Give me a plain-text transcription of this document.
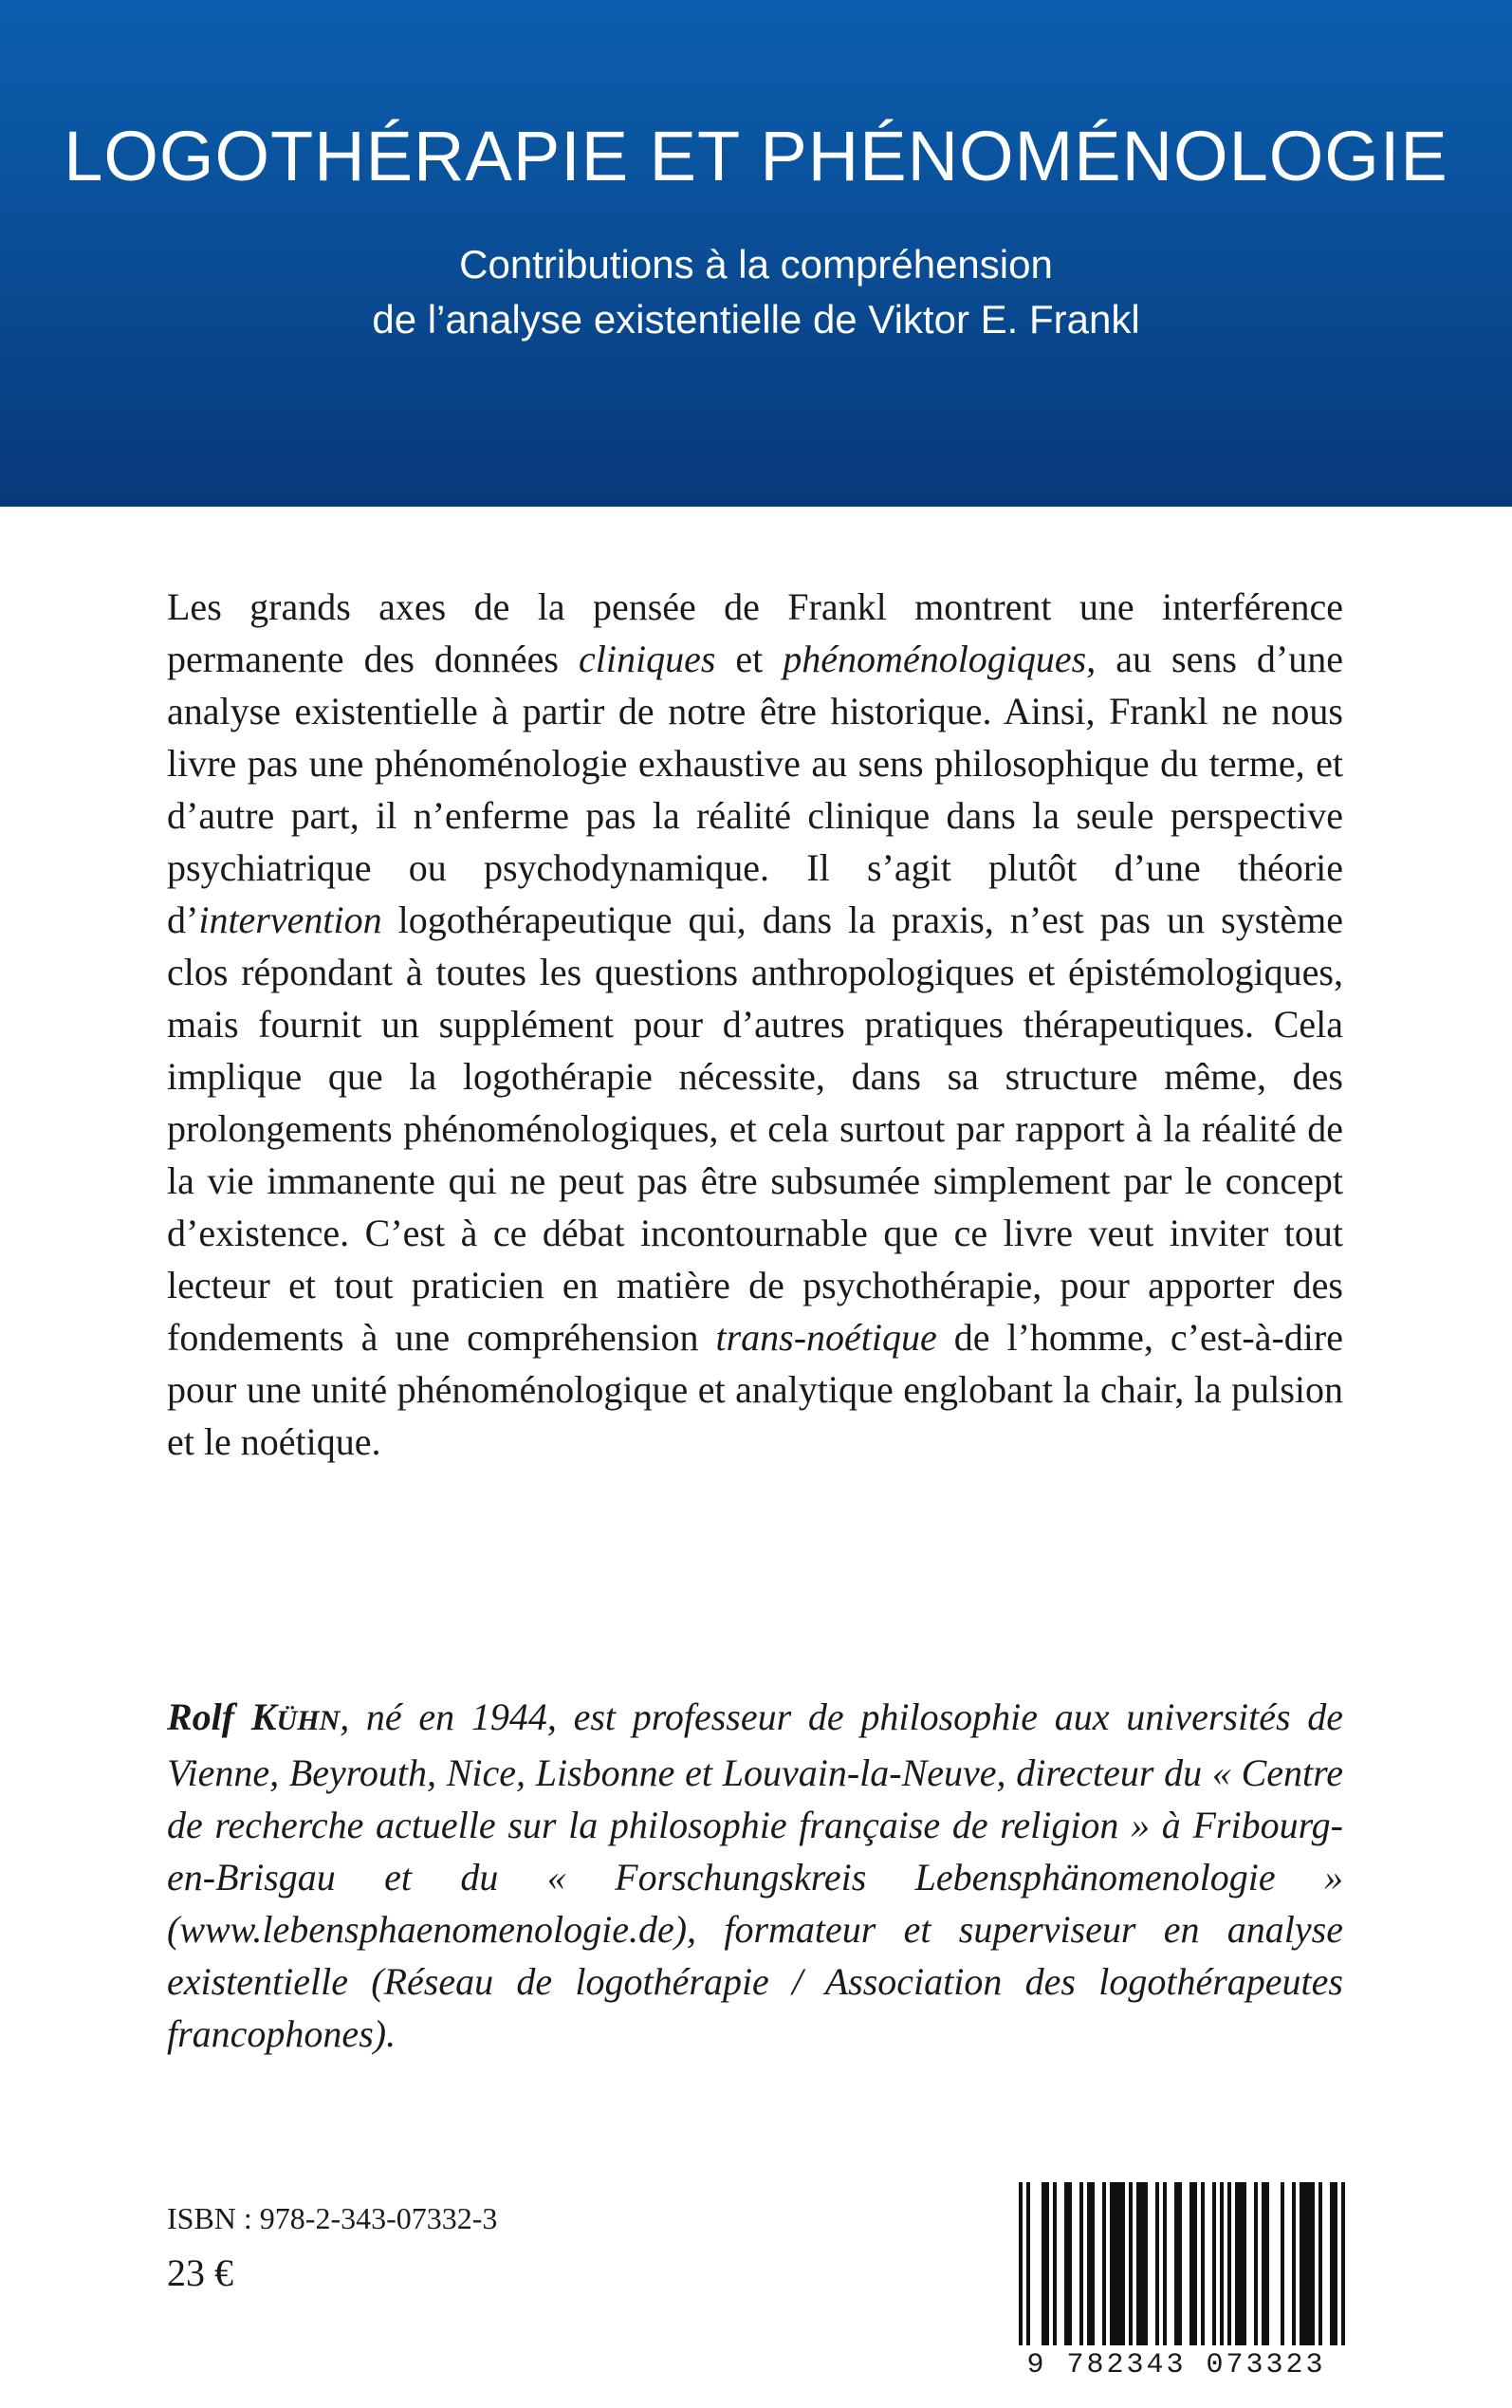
LOGOTHÉRAPIE ET PHÉNOMÉNOLOGIE
Contributions à la compréhension
de l’analyse existentielle de Viktor E. Frankl

Les grands axes de la pensée de Frankl montrent une interférence permanente des données cliniques et phénoménologiques, au sens d’une analyse existentielle à partir de notre être historique. Ainsi, Frankl ne nous livre pas une phénoménologie exhaustive au sens philosophique du terme, et d’autre part, il n’enferme pas la réalité clinique dans la seule perspective psychiatrique ou psychodynamique. Il s’agit plutôt d’une théorie d’intervention logothérapeutique qui, dans la praxis, n’est pas un système clos répondant à toutes les questions anthropologiques et épistémologiques, mais fournit un supplément pour d’autres pratiques thérapeutiques. Cela implique que la logothérapie nécessite, dans sa structure même, des prolongements phénoménologiques, et cela surtout par rapport à la réalité de la vie immanente qui ne peut pas être subsumée simplement par le concept d’existence. C’est à ce débat incontournable que ce livre veut inviter tout lecteur et tout praticien en matière de psychothérapie, pour apporter des fondements à une compréhension trans-noétique de l’homme, c’est-à-dire pour une unité phénoménologique et analytique englobant la chair, la pulsion et le noétique.

Rolf KÜHN, né en 1944, est professeur de philosophie aux universités de Vienne, Beyrouth, Nice, Lisbonne et Louvain-la-Neuve, directeur du « Centre de recherche actuelle sur la philosophie française de religion » à Fribourg-en-Brisgau et du « Forschungskreis Lebensphänomenologie » (www.lebensphaenomenologie.de), formateur et superviseur en analyse existentielle (Réseau de logothérapie / Association des logothérapeutes francophones).

ISBN : 978-2-343-07332-3
23 €
9 782343 073323
